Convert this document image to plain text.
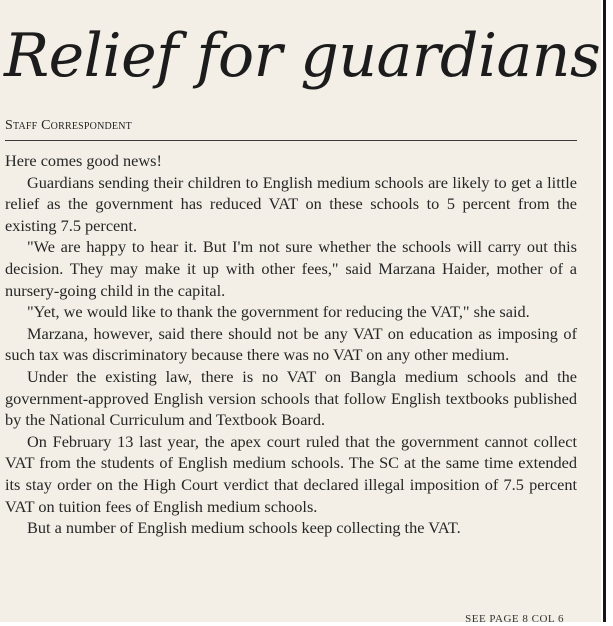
Relief for guardians
Staff Correspondent

Here comes good news!

Guardians sending their children to English medium schools are likely to get a little relief as the government has reduced VAT on these schools to 5 percent from the existing 7.5 percent.

"We are happy to hear it. But I'm not sure whether the schools will carry out this decision. They may make it up with other fees," said Marzana Haider, mother of a nursery-going child in the capital.

"Yet, we would like to thank the government for reducing the VAT," she said.

Marzana, however, said there should not be any VAT on education as imposing of such tax was discriminatory because there was no VAT on any other medium.

Under the existing law, there is no VAT on Bangla medium schools and the government-approved English version schools that follow English textbooks published by the National Curriculum and Textbook Board.

On February 13 last year, the apex court ruled that the government cannot collect VAT from the students of English medium schools. The SC at the same time extended its stay order on the High Court verdict that declared illegal imposition of 7.5 percent VAT on tuition fees of English medium schools.

But a number of English medium schools keep collecting the VAT.

SEE PAGE 8 COL 6
